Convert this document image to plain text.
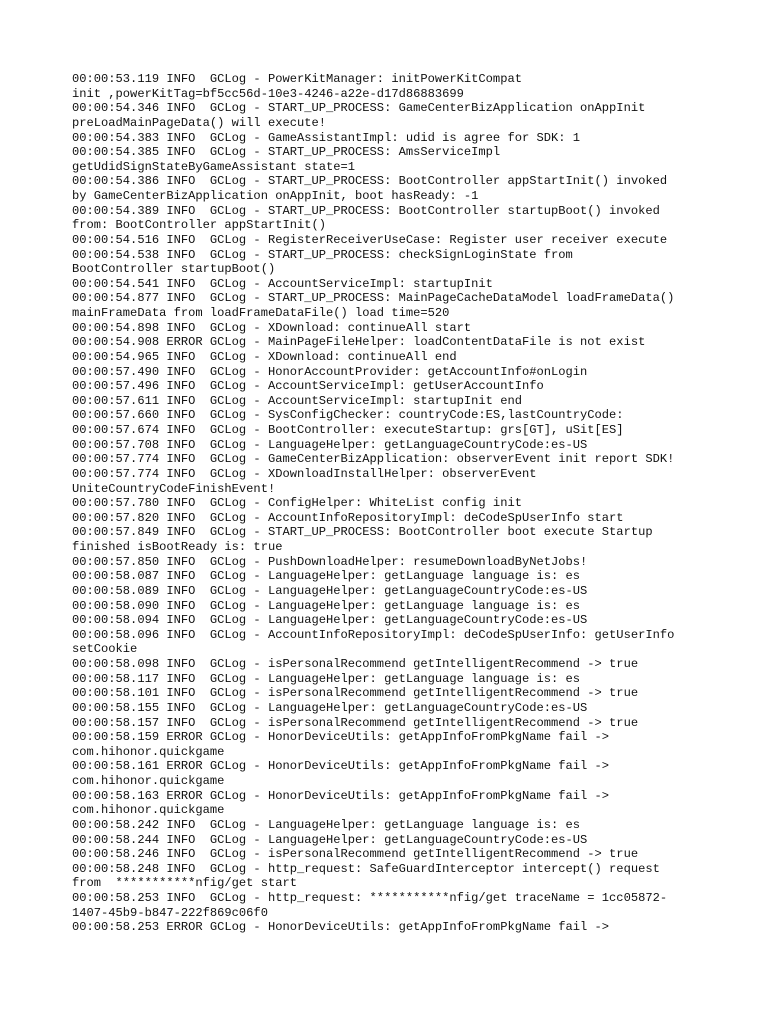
00:00:53.119 INFO  GCLog - PowerKitManager: initPowerKitCompat
init ,powerKitTag=bf5cc56d-10e3-4246-a22e-d17d86883699
00:00:54.346 INFO  GCLog - START_UP_PROCESS: GameCenterBizApplication onAppInit
preLoadMainPageData() will execute!
00:00:54.383 INFO  GCLog - GameAssistantImpl: udid is agree for SDK: 1
00:00:54.385 INFO  GCLog - START_UP_PROCESS: AmsServiceImpl
getUdidSignStateByGameAssistant state=1
00:00:54.386 INFO  GCLog - START_UP_PROCESS: BootController appStartInit() invoked
by GameCenterBizApplication onAppInit, boot hasReady: -1
00:00:54.389 INFO  GCLog - START_UP_PROCESS: BootController startupBoot() invoked
from: BootController appStartInit()
00:00:54.516 INFO  GCLog - RegisterReceiverUseCase: Register user receiver execute
00:00:54.538 INFO  GCLog - START_UP_PROCESS: checkSignLoginState from
BootController startupBoot()
00:00:54.541 INFO  GCLog - AccountServiceImpl: startupInit
00:00:54.877 INFO  GCLog - START_UP_PROCESS: MainPageCacheDataModel loadFrameData()
mainFrameData from loadFrameDataFile() load time=520
00:00:54.898 INFO  GCLog - XDownload: continueAll start
00:00:54.908 ERROR GCLog - MainPageFileHelper: loadContentDataFile is not exist
00:00:54.965 INFO  GCLog - XDownload: continueAll end
00:00:57.490 INFO  GCLog - HonorAccountProvider: getAccountInfo#onLogin
00:00:57.496 INFO  GCLog - AccountServiceImpl: getUserAccountInfo
00:00:57.611 INFO  GCLog - AccountServiceImpl: startupInit end
00:00:57.660 INFO  GCLog - SysConfigChecker: countryCode:ES,lastCountryCode:
00:00:57.674 INFO  GCLog - BootController: executeStartup: grs[GT], uSit[ES]
00:00:57.708 INFO  GCLog - LanguageHelper: getLanguageCountryCode:es-US
00:00:57.774 INFO  GCLog - GameCenterBizApplication: observerEvent init report SDK!
00:00:57.774 INFO  GCLog - XDownloadInstallHelper: observerEvent
UniteCountryCodeFinishEvent!
00:00:57.780 INFO  GCLog - ConfigHelper: WhiteList config init
00:00:57.820 INFO  GCLog - AccountInfoRepositoryImpl: deCodeSpUserInfo start
00:00:57.849 INFO  GCLog - START_UP_PROCESS: BootController boot execute Startup
finished isBootReady is: true
00:00:57.850 INFO  GCLog - PushDownloadHelper: resumeDownloadByNetJobs!
00:00:58.087 INFO  GCLog - LanguageHelper: getLanguage language is: es
00:00:58.089 INFO  GCLog - LanguageHelper: getLanguageCountryCode:es-US
00:00:58.090 INFO  GCLog - LanguageHelper: getLanguage language is: es
00:00:58.094 INFO  GCLog - LanguageHelper: getLanguageCountryCode:es-US
00:00:58.096 INFO  GCLog - AccountInfoRepositoryImpl: deCodeSpUserInfo: getUserInfo
setCookie
00:00:58.098 INFO  GCLog - isPersonalRecommend getIntelligentRecommend -> true
00:00:58.117 INFO  GCLog - LanguageHelper: getLanguage language is: es
00:00:58.101 INFO  GCLog - isPersonalRecommend getIntelligentRecommend -> true
00:00:58.155 INFO  GCLog - LanguageHelper: getLanguageCountryCode:es-US
00:00:58.157 INFO  GCLog - isPersonalRecommend getIntelligentRecommend -> true
00:00:58.159 ERROR GCLog - HonorDeviceUtils: getAppInfoFromPkgName fail ->
com.hihonor.quickgame
00:00:58.161 ERROR GCLog - HonorDeviceUtils: getAppInfoFromPkgName fail ->
com.hihonor.quickgame
00:00:58.163 ERROR GCLog - HonorDeviceUtils: getAppInfoFromPkgName fail ->
com.hihonor.quickgame
00:00:58.242 INFO  GCLog - LanguageHelper: getLanguage language is: es
00:00:58.244 INFO  GCLog - LanguageHelper: getLanguageCountryCode:es-US
00:00:58.246 INFO  GCLog - isPersonalRecommend getIntelligentRecommend -> true
00:00:58.248 INFO  GCLog - http_request: SafeGuardInterceptor intercept() request
from  ***********nfig/get start
00:00:58.253 INFO  GCLog - http_request: ***********nfig/get traceName = 1cc05872-
1407-45b9-b847-222f869c06f0
00:00:58.253 ERROR GCLog - HonorDeviceUtils: getAppInfoFromPkgName fail ->
